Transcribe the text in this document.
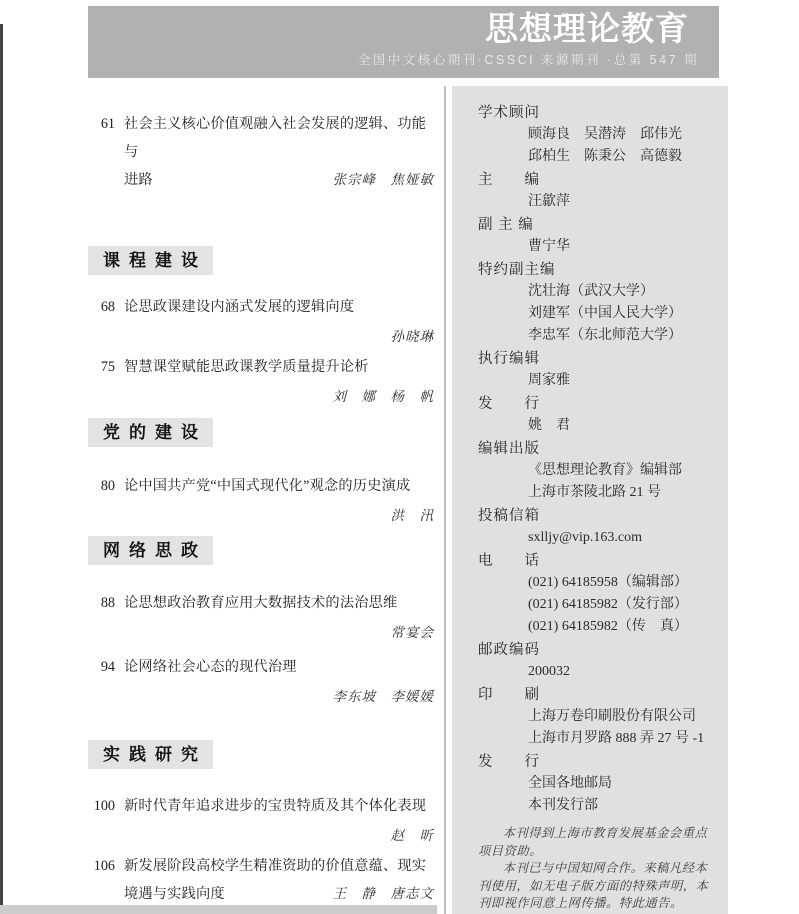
思想理论教育
全国中文核心期刊·CSSCI 来源期刊 ·总第 547 期
61 社会主义核心价值观融入社会发展的逻辑、功能与
进路	张宗峰　焦娅敏
课程建设
68 论思政课建设内涵式发展的逻辑向度
孙晓琳
75 智慧课堂赋能思政课教学质量提升论析
刘　娜　杨　帆
党的建设
80 论中国共产党“中国式现代化”观念的历史演成
洪　汛
网络思政
88 论思想政治教育应用大数据技术的法治思维
常宴会
94 论网络社会心态的现代治理
李东坡　李媛媛
实践研究
100 新时代青年追求进步的宝贵特质及其个体化表现
赵　昕
106 新发展阶段高校学生精准资助的价值意蕴、现实
境遇与实践向度	王　静　唐志文
学术顾问
顾海良　吴潜涛　邱伟光
邱柏生　陈秉公　高德毅
主　　编
汪歙萍
副 主 编
曹宁华
特约副主编
沈壮海（武汉大学）
刘建军（中国人民大学）
李忠军（东北师范大学）
执行编辑
周家雅
发　　行
姚　君
编辑出版
《思想理论教育》编辑部
上海市茶陵北路 21 号
投稿信箱
sxlljy@vip.163.com
电　　话
(021) 64185958（编辑部）
(021) 64185982（发行部）
(021) 64185982（传　真）
邮政编码
200032
印　　刷
上海万卷印刷股份有限公司
上海市月罗路 888 弄 27 号 -1
发　　行
全国各地邮局
本刊发行部

本刊得到上海市教育发展基金会重点项目资助。

本刊已与中国知网合作。来稿凡经本刊使用，如无电子版方面的特殊声明，本刊即视作同意上网传播。特此通告。
